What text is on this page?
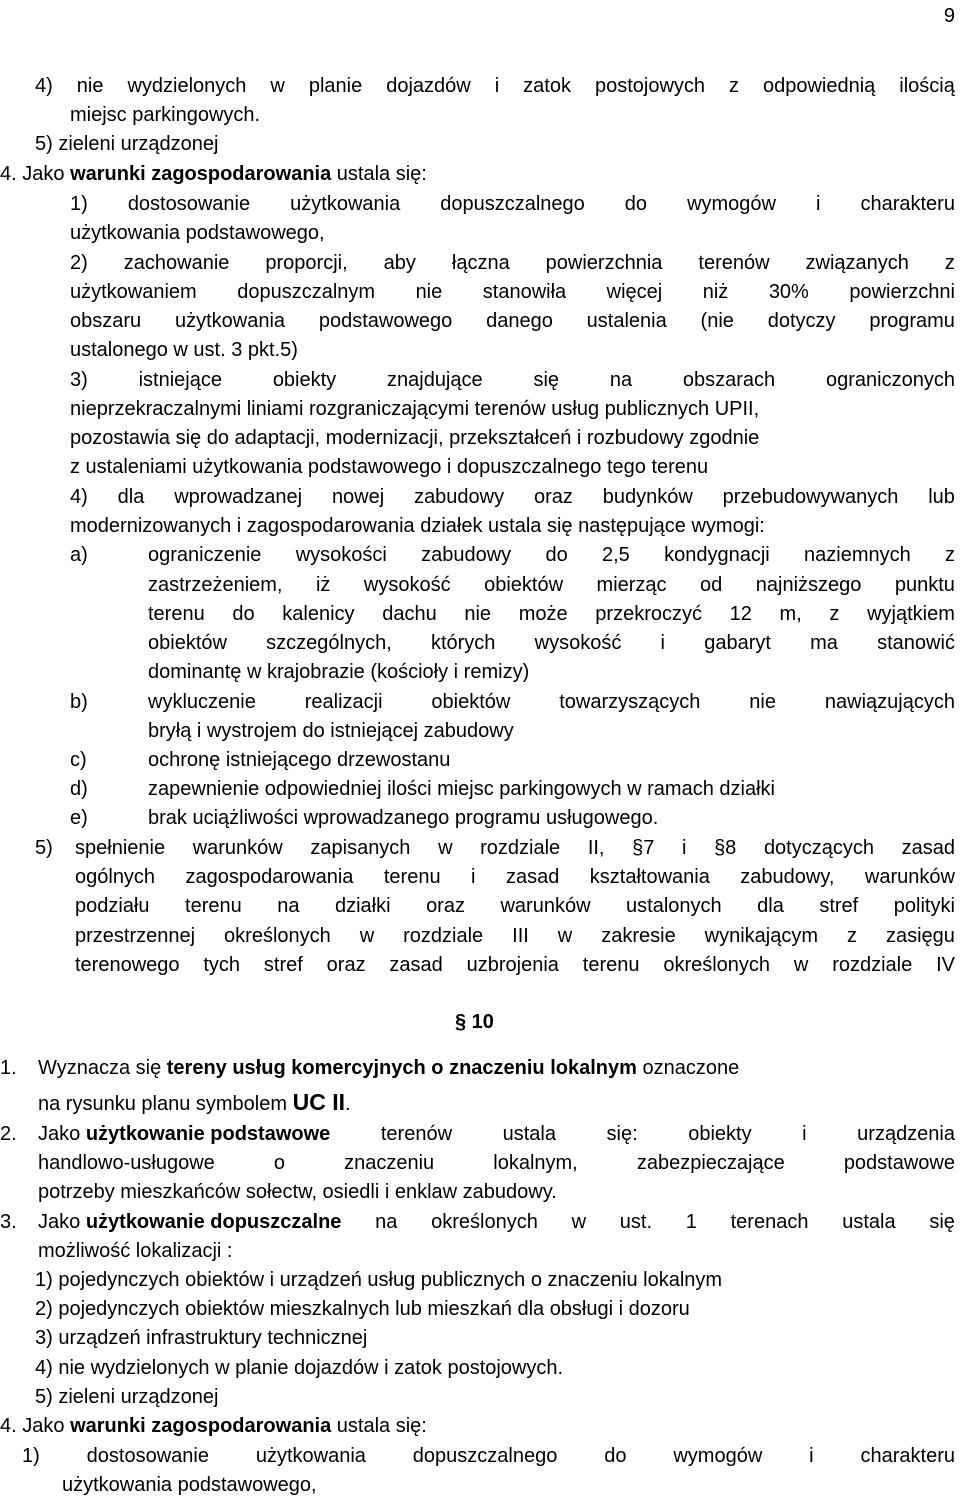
9
4) nie wydzielonych w planie dojazdów i zatok postojowych z odpowiednią ilością
miejsc parkingowych.
5) zieleni urządzonej
4. Jako warunki zagospodarowania ustala się:
1) dostosowanie użytkowania dopuszczalnego do wymogów i charakteru
użytkowania podstawowego,
2) zachowanie proporcji, aby łączna powierzchnia terenów związanych z
użytkowaniem dopuszczalnym nie stanowiła więcej niż 30% powierzchni
obszaru użytkowania podstawowego danego ustalenia (nie dotyczy programu
ustalonego w ust. 3 pkt.5)
3)	istniejące	obiekty	znajdujące	się	na	obszarach	ograniczonych
nieprzekraczalnymi liniami rozgraniczającymi terenów usług publicznych UPII,
pozostawia się do adaptacji, modernizacji, przekształceń i rozbudowy zgodnie
z ustaleniami użytkowania podstawowego i dopuszczalnego tego terenu
4) dla wprowadzanej nowej zabudowy oraz budynków przebudowywanych lub
modernizowanych i zagospodarowania działek ustala się następujące wymogi:
a)	ograniczenie wysokości zabudowy do 2,5 kondygnacji naziemnych z
zastrzeżeniem, iż wysokość obiektów mierząc od najniższego punktu
terenu do kalenicy dachu nie może przekroczyć 12 m, z wyjątkiem
obiektów szczególnych, których wysokość i gabaryt ma stanowić
dominantę w krajobrazie (kościoły i remizy)
b)	wykluczenie realizacji obiektów towarzyszących nie nawiązujących
bryłą i wystrojem do istniejącej zabudowy
c)	ochronę istniejącego drzewostanu
d)	zapewnienie odpowiedniej ilości miejsc parkingowych w ramach działki
e)	brak uciążliwości wprowadzanego programu usługowego.
5) spełnienie warunków zapisanych w rozdziale II, §7 i §8 dotyczących zasad
ogólnych zagospodarowania terenu i zasad kształtowania zabudowy, warunków
podziału terenu na działki oraz warunków ustalonych dla stref polityki
przestrzennej określonych w rozdziale III w zakresie wynikającym z zasięgu
terenowego tych stref oraz zasad uzbrojenia terenu określonych w rozdziale IV
§ 10
1. Wyznacza się tereny usług komercyjnych o znaczeniu lokalnym oznaczone
na rysunku planu symbolem UC II.
2. Jako użytkowanie podstawowe	terenów	ustala	się:	obiekty	i	urządzenia
handlowo-usługowe	o	znaczeniu	lokalnym,	zabezpieczające	podstawowe
potrzeby mieszkańców sołectw, osiedli i enklaw zabudowy.
3. Jako użytkowanie dopuszczalne na określonych w ust. 1 terenach ustala się
możliwość lokalizacji :
1) pojedynczych obiektów i urządzeń usług publicznych o znaczeniu lokalnym
2) pojedynczych obiektów mieszkalnych lub mieszkań dla obsługi i dozoru
3) urządzeń infrastruktury technicznej
4) nie wydzielonych w planie dojazdów i zatok postojowych.
5) zieleni urządzonej
4. Jako warunki zagospodarowania ustala się:
1) dostosowanie użytkowania dopuszczalnego do wymogów i charakteru
użytkowania podstawowego,
